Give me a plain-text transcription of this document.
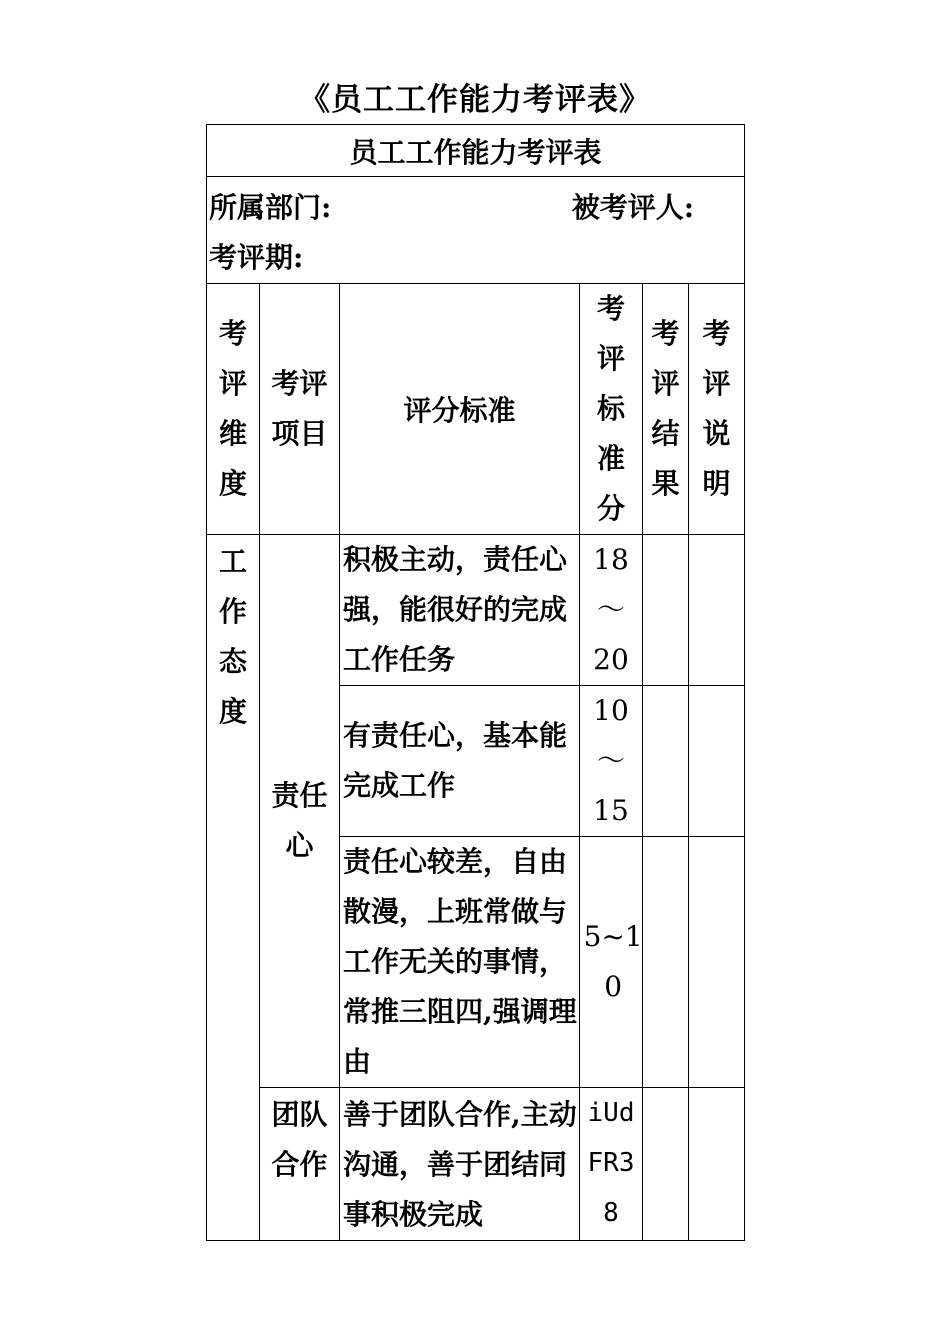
《员工工作能力考评表》
员工工作能力考评表					

所属部门: 被考评人:
考评期:					

考评维度	考评项目	评分标准	考评标准分	考评结果	考评说明
工作态度	责任心	积极主动，责任心强，能很好的完成工作任务	18～20		
		有责任心，基本能完成工作	10～15		
		责任心较差，自由散漫，上班常做与工作无关的事情，常推三阻四,强调理由	5~10		
	团队合作	善于团队合作,主动沟通，善于团结同事积极完成	iUdFR38		
